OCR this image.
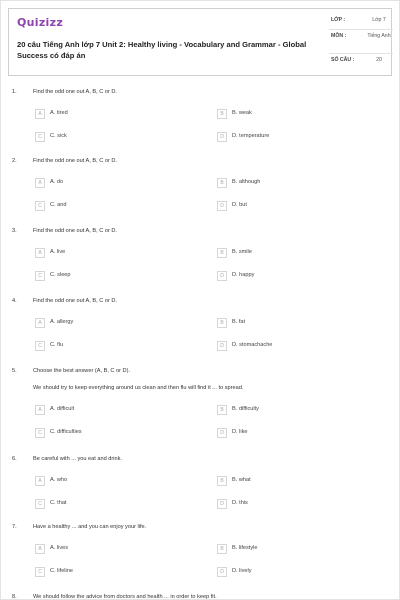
Quizizz
20 câu Tiếng Anh lớp 7 Unit 2: Healthy living - Vocabulary and Grammar - Global Success có đáp án
LỚP :	Lớp 7
MÔN :	Tiếng Anh
SỐ CÂU :	20
1.	Find the odd one out A, B, C or D.
A	A. tired	B	B. weak
C	C. sick	D	D. temperature
2.	Find the odd one out A, B, C or D.
A	A. do	B	B. although
C	C. and	D	D. but
3.	Find the odd one out A, B, C or D.
A	A. live	B	B. smile
C	C. sleep	D	D. happy
4.	Find the odd one out A, B, C or D.
A	A. allergy	B	B. fat
C	C. flu	D	D. stomachache
5.	Choose the best answer (A, B, C or D).
We should try to keep everything around us clean and then flu will find it ... to spread.
A	A. difficult	B	B. difficulty
C	C. difficulties	D	D. like
6.	Be careful with ... you eat and drink.
A	A. who	B	B. what
C	C. that	D	D. this
7.	Have a healthy ... and you can enjoy your life.
A	A. lives	B	B. lifestyle
C	C. lifeline	D	D. lively
8.	We should follow the advice from doctors and health ... in order to keep fit.
